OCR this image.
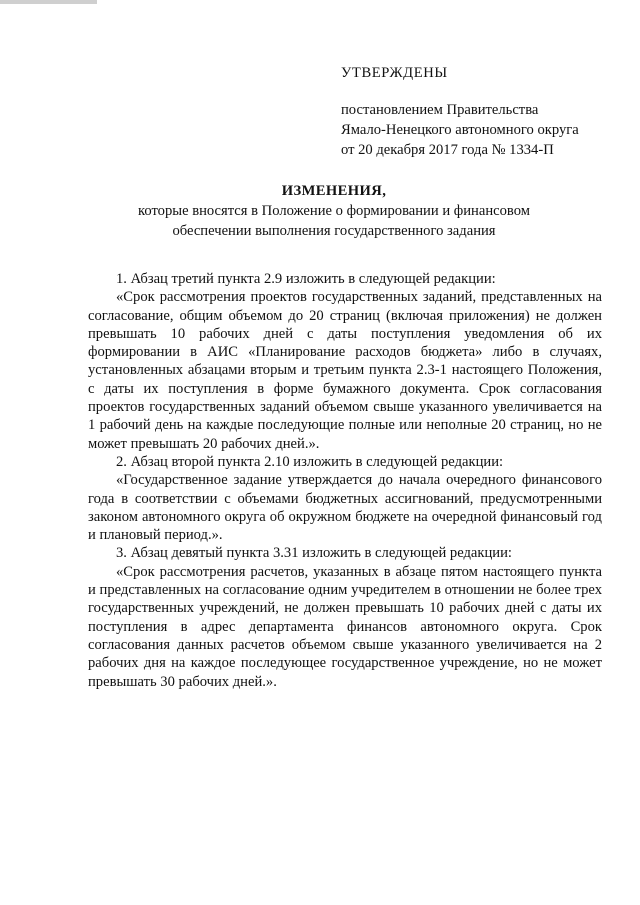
УТВЕРЖДЕНЫ
постановлением Правительства
Ямало-Ненецкого автономного округа
от 20 декабря 2017 года № 1334-П
ИЗМЕНЕНИЯ,
которые вносятся в Положение о формировании и финансовом
обеспечении выполнения государственного задания

1. Абзац третий пункта 2.9 изложить в следующей редакции:

«Срок рассмотрения проектов государственных заданий, представленных на согласование, общим объемом до 20 страниц (включая приложения) не должен превышать 10 рабочих дней с даты поступления уведомления об их формировании в АИС «Планирование расходов бюджета» либо в случаях, установленных абзацами вторым и третьим пункта 2.3-1 настоящего Положения, с даты их поступления в форме бумажного документа. Срок согласования проектов государственных заданий объемом свыше указанного увеличивается на 1 рабочий день на каждые последующие полные или неполные 20 страниц, но не может превышать 20 рабочих дней.».

2. Абзац второй пункта 2.10 изложить в следующей редакции:

«Государственное задание утверждается до начала очередного финансового года в соответствии с объемами бюджетных ассигнований, предусмотренными законом автономного округа об окружном бюджете на очередной финансовый год и плановый период.».

3. Абзац девятый пункта 3.31 изложить в следующей редакции:

«Срок рассмотрения расчетов, указанных в абзаце пятом настоящего пункта и представленных на согласование одним учредителем в отношении не более трех государственных учреждений, не должен превышать 10 рабочих дней с даты их поступления в адрес департамента финансов автономного округа. Срок согласования данных расчетов объемом свыше указанного увеличивается на 2 рабочих дня на каждое последующее государственное учреждение, но не может превышать 30 рабочих дней.».
